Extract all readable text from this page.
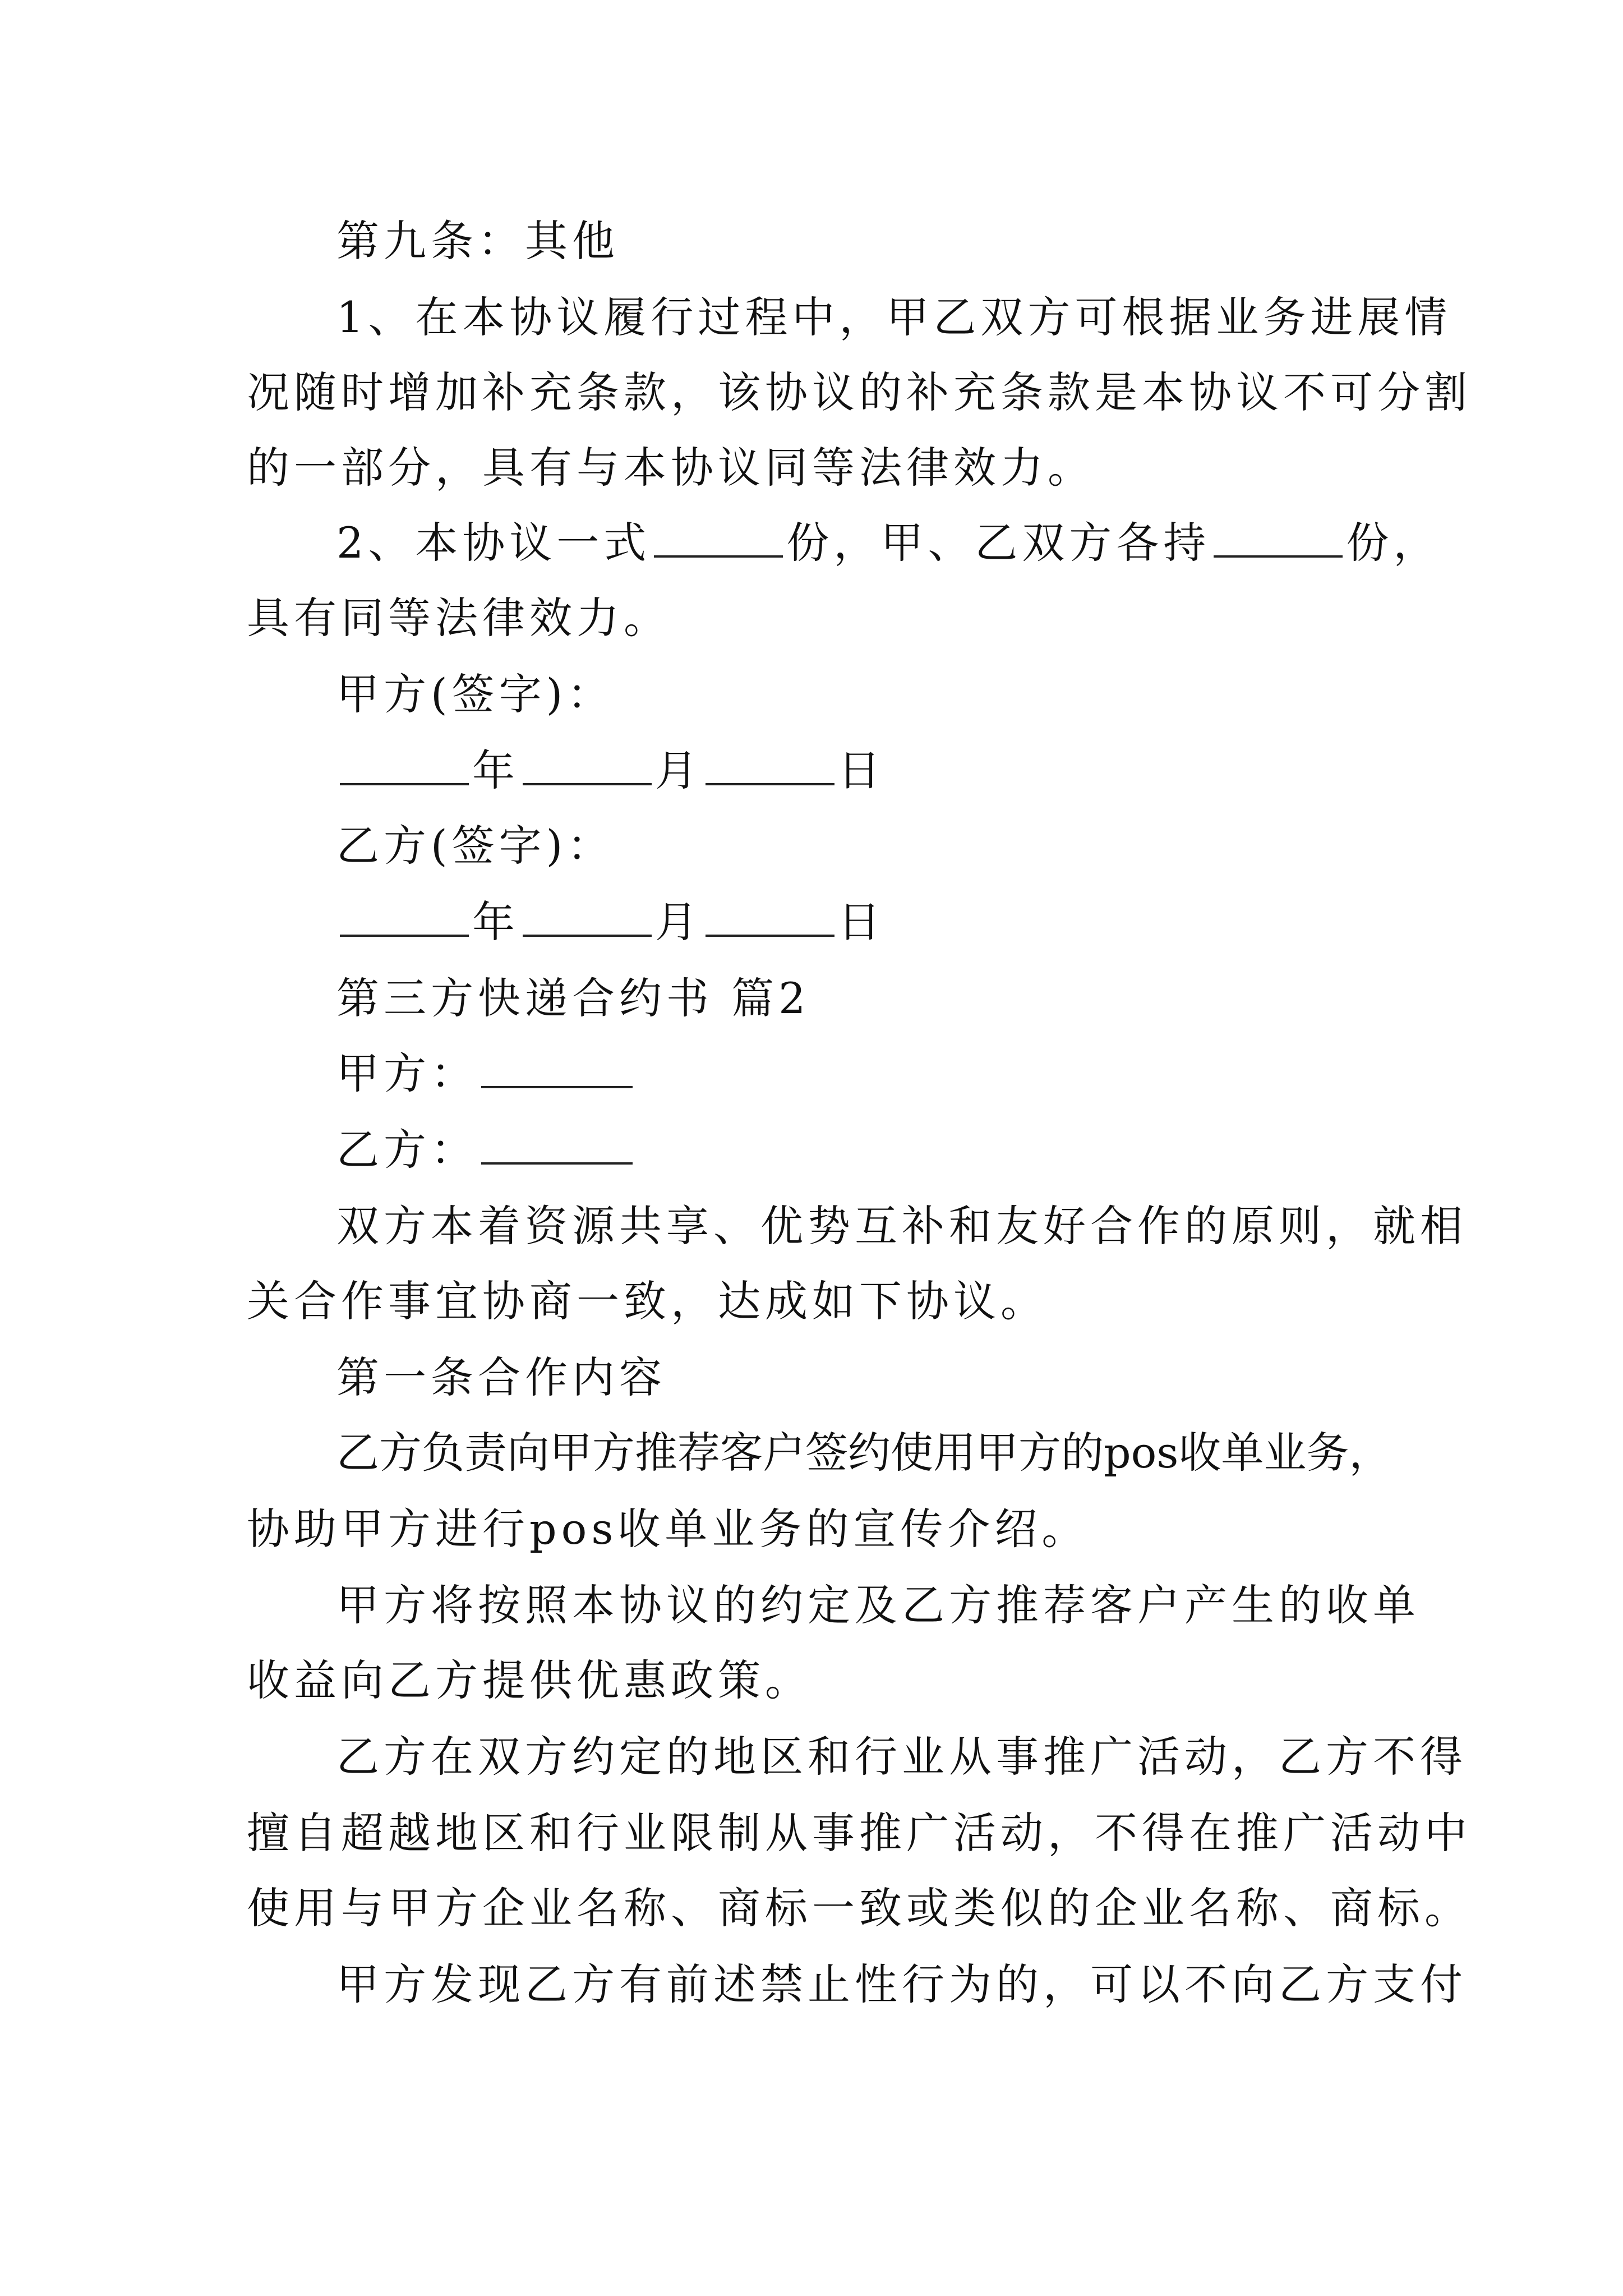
第九条：其他
1、在本协议履行过程中，甲乙双方可根据业务进展情
况随时增加补充条款，该协议的补充条款是本协议不可分割
的一部分，具有与本协议同等法律效力。
2、本协议一式	份，甲、乙双方各持	份，
具有同等法律效力。
甲方(签字)：
年	月	日
乙方(签字)：
年	月	日
第三方快递合约书 篇2
甲方：
乙方：
双方本着资源共享、优势互补和友好合作的原则，就相
关合作事宜协商一致，达成如下协议。
第一条合作内容
乙方负责向甲方推荐客户签约使用甲方的pos收单业务，
协助甲方进行pos收单业务的宣传介绍。
甲方将按照本协议的约定及乙方推荐客户产生的收单
收益向乙方提供优惠政策。
乙方在双方约定的地区和行业从事推广活动，乙方不得
擅自超越地区和行业限制从事推广活动，不得在推广活动中
使用与甲方企业名称、商标一致或类似的企业名称、商标。
甲方发现乙方有前述禁止性行为的，可以不向乙方支付
